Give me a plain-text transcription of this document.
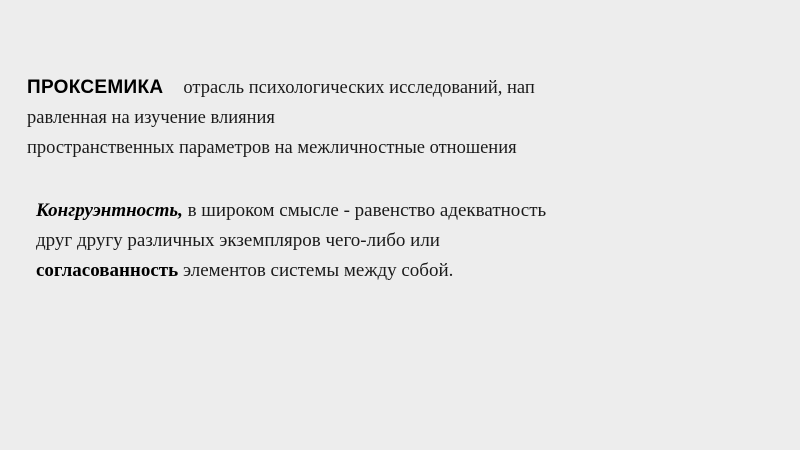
ПРОКСЕМИКА отрасль психологических исследований, нап
равленная на изучение влияния
пространственных параметров на межличностные отношения
Конгруэнтность, в широком смысле - равенство адекватность
друг другу различных экземпляров чего-либо или
согласованность элементов системы между собой.
